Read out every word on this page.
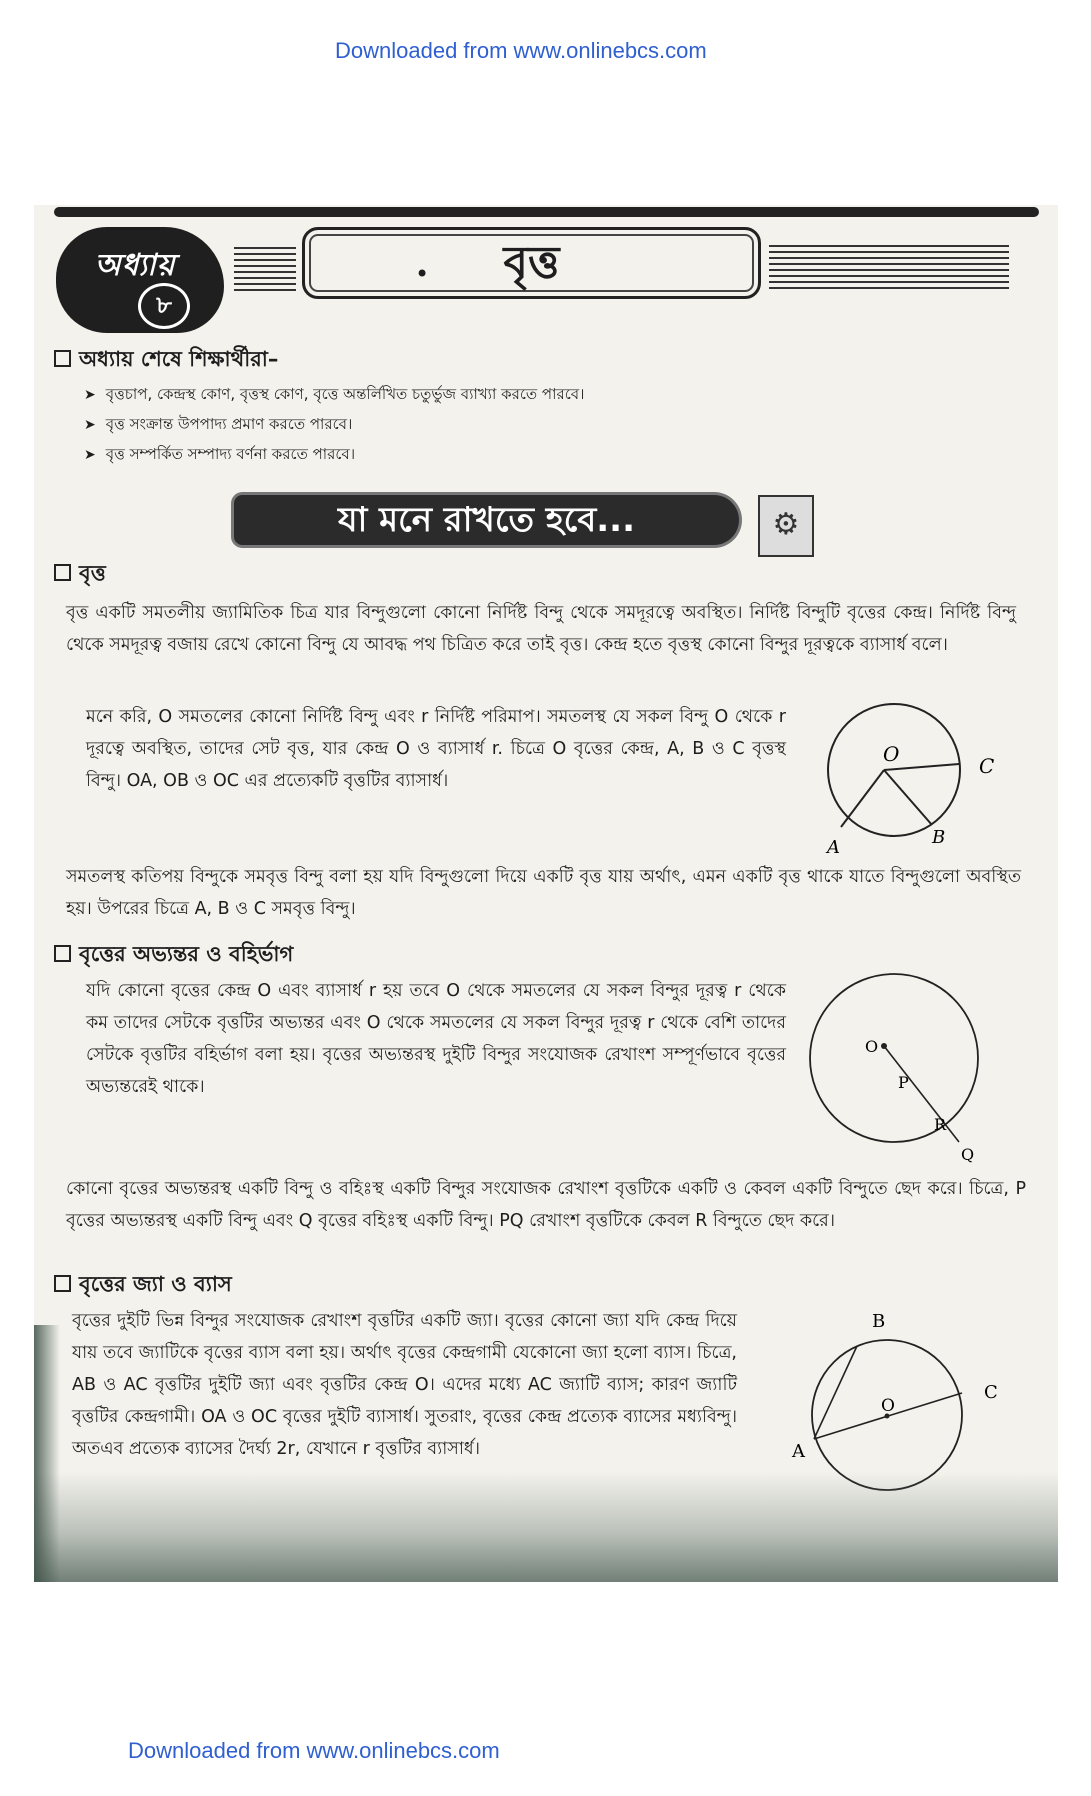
Downloaded from www.onlinebcs.com
অধ্যায়
৮
• বৃত্ত
অধ্যায় শেষে শিক্ষার্থীরা–
➤ বৃত্তচাপ, কেন্দ্রস্থ কোণ, বৃত্তস্থ কোণ, বৃত্তে অন্তর্লিখিত চতুর্ভুজ ব্যাখ্যা করতে পারবে।
➤ বৃত্ত সংক্রান্ত উপপাদ্য প্রমাণ করতে পারবে।
➤ বৃত্ত সম্পর্কিত সম্পাদ্য বর্ণনা করতে পারবে।
যা মনে রাখতে হবে...	⚙
বৃত্ত
বৃত্ত একটি সমতলীয় জ্যামিতিক চিত্র যার বিন্দুগুলো কোনো নির্দিষ্ট বিন্দু থেকে সমদূরত্বে অবস্থিত। নির্দিষ্ট বিন্দুটি বৃত্তের কেন্দ্র। নির্দিষ্ট বিন্দু থেকে সমদূরত্ব বজায় রেখে কোনো বিন্দু যে আবদ্ধ পথ চিত্রিত করে তাই বৃত্ত। কেন্দ্র হতে বৃত্তস্থ কোনো বিন্দুর দূরত্বকে ব্যাসার্ধ বলে।
মনে করি, O সমতলের কোনো নির্দিষ্ট বিন্দু এবং r নির্দিষ্ট পরিমাপ। সমতলস্থ যে সকল বিন্দু O থেকে r দূরত্বে অবস্থিত, তাদের সেট বৃত্ত, যার কেন্দ্র O ও ব্যাসার্ধ r. চিত্রে O বৃত্তের কেন্দ্র, A, B ও C বৃত্তস্থ বিন্দু। OA, OB ও OC এর প্রত্যেকটি বৃত্তটির ব্যাসার্ধ।
O	C
A	B
সমতলস্থ কতিপয় বিন্দুকে সমবৃত্ত বিন্দু বলা হয় যদি বিন্দুগুলো দিয়ে একটি বৃত্ত যায় অর্থাৎ, এমন একটি বৃত্ত থাকে যাতে বিন্দুগুলো অবস্থিত হয়। উপরের চিত্রে A, B ও C সমবৃত্ত বিন্দু।
বৃত্তের অভ্যন্তর ও বহির্ভাগ
যদি কোনো বৃত্তের কেন্দ্র O এবং ব্যাসার্ধ r হয় তবে O থেকে সমতলের যে সকল বিন্দুর দূরত্ব r থেকে কম তাদের সেটকে বৃত্তটির অভ্যন্তর এবং O থেকে সমতলের যে সকল বিন্দুর দূরত্ব r থেকে বেশি তাদের সেটকে বৃত্তটির বহির্ভাগ বলা হয়। বৃত্তের অভ্যন্তরস্থ দুইটি বিন্দুর সংযোজক রেখাংশ সম্পূর্ণভাবে বৃত্তের অভ্যন্তরেই থাকে।
O
P
R
Q
কোনো বৃত্তের অভ্যন্তরস্থ একটি বিন্দু ও বহিঃস্থ একটি বিন্দুর সংযোজক রেখাংশ বৃত্তটিকে একটি ও কেবল একটি বিন্দুতে ছেদ করে। চিত্রে, P বৃত্তের অভ্যন্তরস্থ একটি বিন্দু এবং Q বৃত্তের বহিঃস্থ একটি বিন্দু। PQ রেখাংশ বৃত্তটিকে কেবল R বিন্দুতে ছেদ করে।
বৃত্তের জ্যা ও ব্যাস
বৃত্তের দুইটি ভিন্ন বিন্দুর সংযোজক রেখাংশ বৃত্তটির একটি জ্যা। বৃত্তের কোনো জ্যা যদি কেন্দ্র দিয়ে যায় তবে জ্যাটিকে বৃত্তের ব্যাস বলা হয়। অর্থাৎ বৃত্তের কেন্দ্রগামী যেকোনো জ্যা হলো ব্যাস। চিত্রে, AB ও AC বৃত্তটির দুইটি জ্যা এবং বৃত্তটির কেন্দ্র O। এদের মধ্যে AC জ্যাটি ব্যাস; কারণ জ্যাটি বৃত্তটির কেন্দ্রগামী। OA ও OC বৃত্তের দুইটি ব্যাসার্ধ। সুতরাং, বৃত্তের কেন্দ্র প্রত্যেক ব্যাসের মধ্যবিন্দু। অতএব প্রত্যেক ব্যাসের দৈর্ঘ্য 2r, যেখানে r বৃত্তটির ব্যাসার্ধ।
O
B
C
A
Downloaded from www.onlinebcs.com
